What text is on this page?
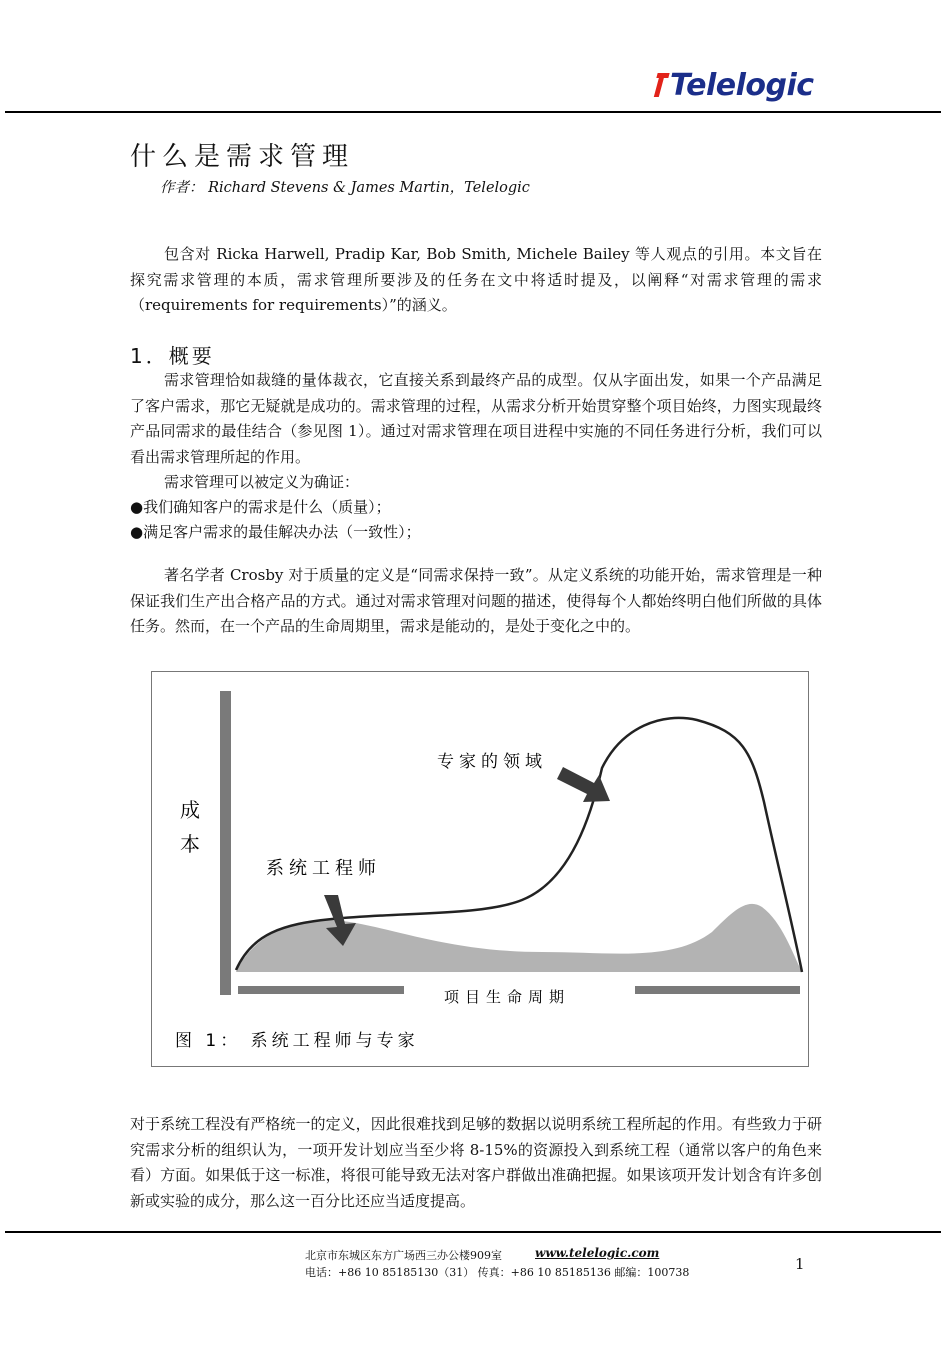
Telelogic
什么是需求管理
作者： Richard Stevens & James Martin，Telelogic

包含对 Ricka Harwell, Pradip Kar, Bob Smith, Michele Bailey 等人观点的引用。本文旨在探究需求管理的本质，需求管理所要涉及的任务在文中将适时提及，以阐释“对需求管理的需求（requirements for requirements）”的涵义。

1．概要

需求管理恰如裁缝的量体裁衣，它直接关系到最终产品的成型。仅从字面出发，如果一个产品满足了客户需求，那它无疑就是成功的。需求管理的过程，从需求分析开始贯穿整个项目始终，力图实现最终产品同需求的最佳结合（参见图 1）。通过对需求管理在项目进程中实施的不同任务进行分析，我们可以看出需求管理所起的作用。

需求管理可以被定义为确证：
●我们确知客户的需求是什么（质量）；
●满足客户需求的最佳解决办法（一致性）；

著名学者 Crosby 对于质量的定义是“同需求保持一致”。从定义系统的功能开始，需求管理是一种保证我们生产出合格产品的方式。通过对需求管理对问题的描述，使得每个人都始终明白他们所做的具体任务。然而，在一个产品的生命周期里，需求是能动的，是处于变化之中的。

成
本
专家的领域
系统工程师
项目生命周期
图 1： 系统工程师与专家

对于系统工程没有严格统一的定义，因此很难找到足够的数据以说明系统工程所起的作用。有些致力于研究需求分析的组织认为，一项开发计划应当至少将 8-15%的资源投入到系统工程（通常以客户的角色来看）方面。如果低于这一标准，将很可能导致无法对客户群做出准确把握。如果该项开发计划含有许多创新或实验的成分，那么这一百分比还应当适度提高。

北京市东城区东方广场西三办公楼909室	www.telelogic.com
电话：+86 10 85185130（31） 传真：+86 10 85185136 邮编：100738	1
